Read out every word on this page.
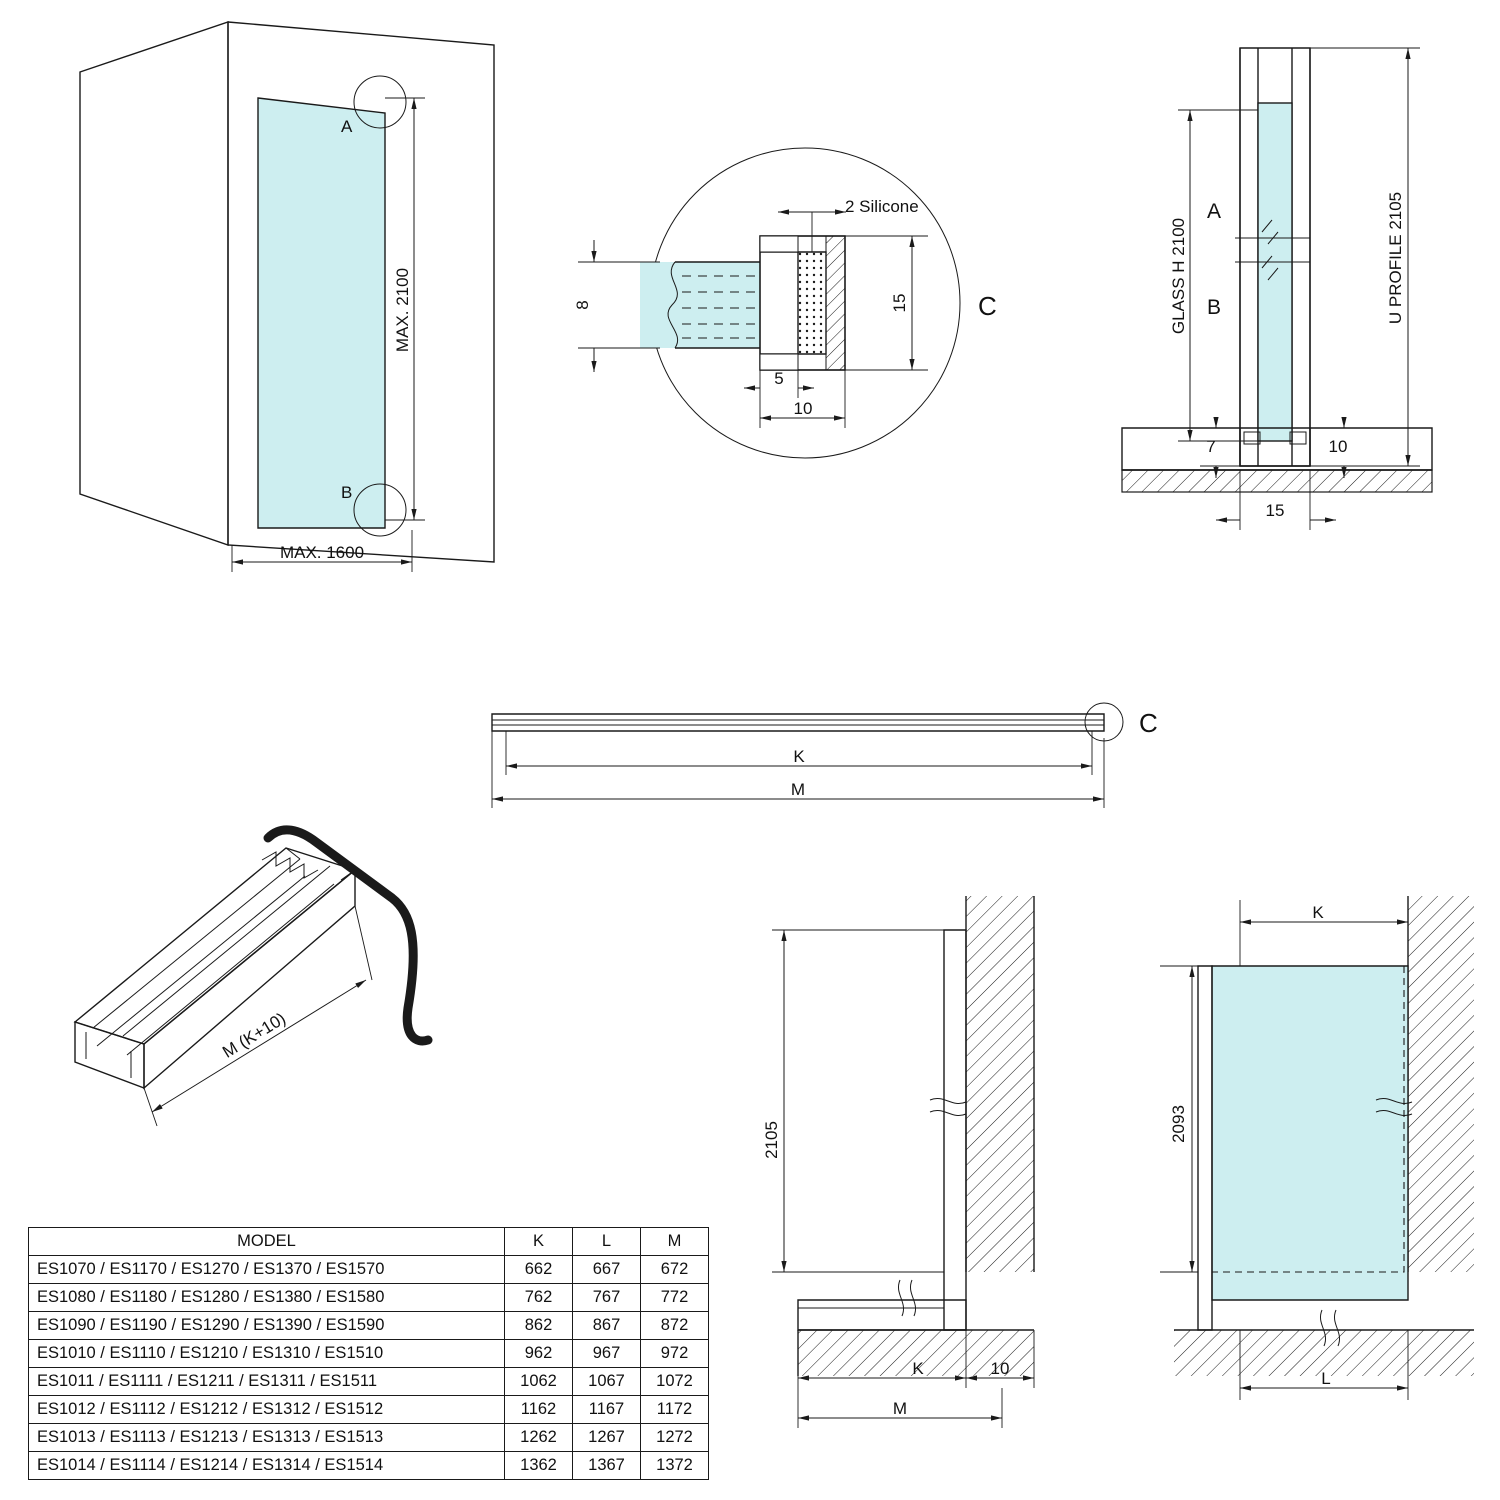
A
B
MAX. 2100
MAX. 1600
C
2 Silicone
8	15
5
10
A
B
GLASS H 2100	U PROFILE 2105
7	10
15
C
K
M
M (K+10)
2105
K	10
M
K
2093
L
MODEL	K	L	M
ES1070 / ES1170 / ES1270 / ES1370 / ES1570	662	667	672
ES1080 / ES1180 / ES1280 / ES1380 / ES1580	762	767	772
ES1090 / ES1190 / ES1290 / ES1390 / ES1590	862	867	872
ES1010 / ES1110 / ES1210 / ES1310 / ES1510	962	967	972
ES1011 / ES1111 / ES1211 / ES1311 / ES1511	1062	1067	1072
ES1012 / ES1112 / ES1212 / ES1312 / ES1512	1162	1167	1172
ES1013 / ES1113 / ES1213 / ES1313 / ES1513	1262	1267	1272
ES1014 / ES1114 / ES1214 / ES1314 / ES1514	1362	1367	1372
